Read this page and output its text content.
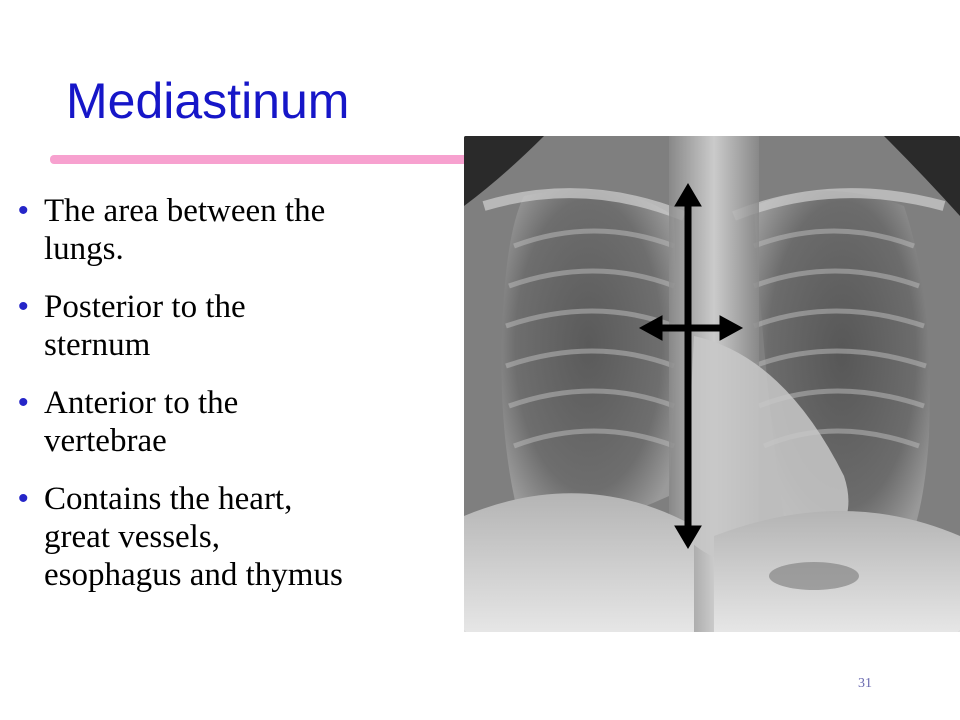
Mediastinum
• The area between the
lungs.
• Posterior to the
sternum
• Anterior to the
vertebrae
• Contains the heart,
great vessels,
esophagus and thymus
31
